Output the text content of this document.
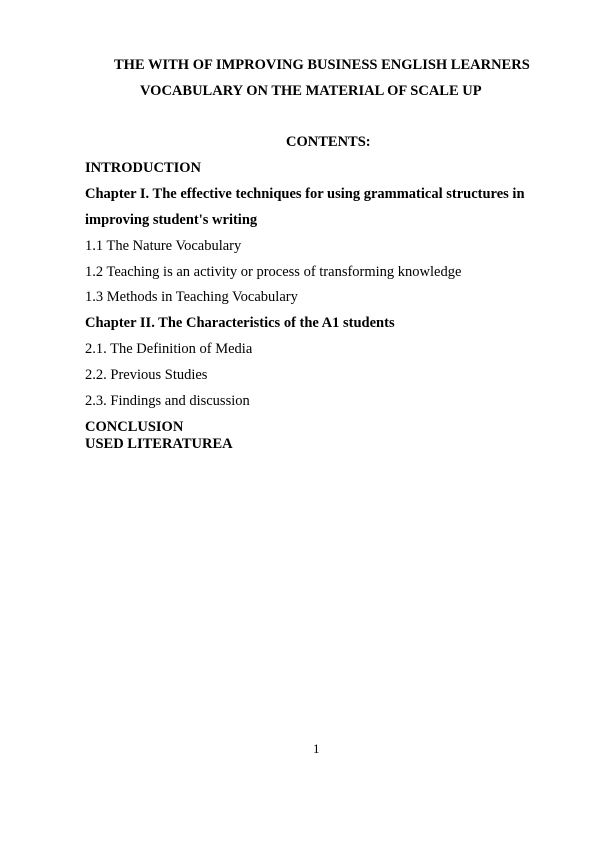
THE WITH OF IMPROVING BUSINESS ENGLISH LEARNERS
VOCABULARY ON THE MATERIAL OF SCALE UP
CONTENTS:
INTRODUCTION
Chapter I. The effective techniques for using grammatical structures in
improving student's writing
1.1 The Nature Vocabulary
1.2 Teaching is an activity or process of transforming knowledge
1.3 Methods in Teaching Vocabulary
Chapter II. The Characteristics of the A1 students
2.1. The Definition of Media
2.2. Previous Studies
2.3. Findings and discussion
CONCLUSION
USED LITERATUREA
1
